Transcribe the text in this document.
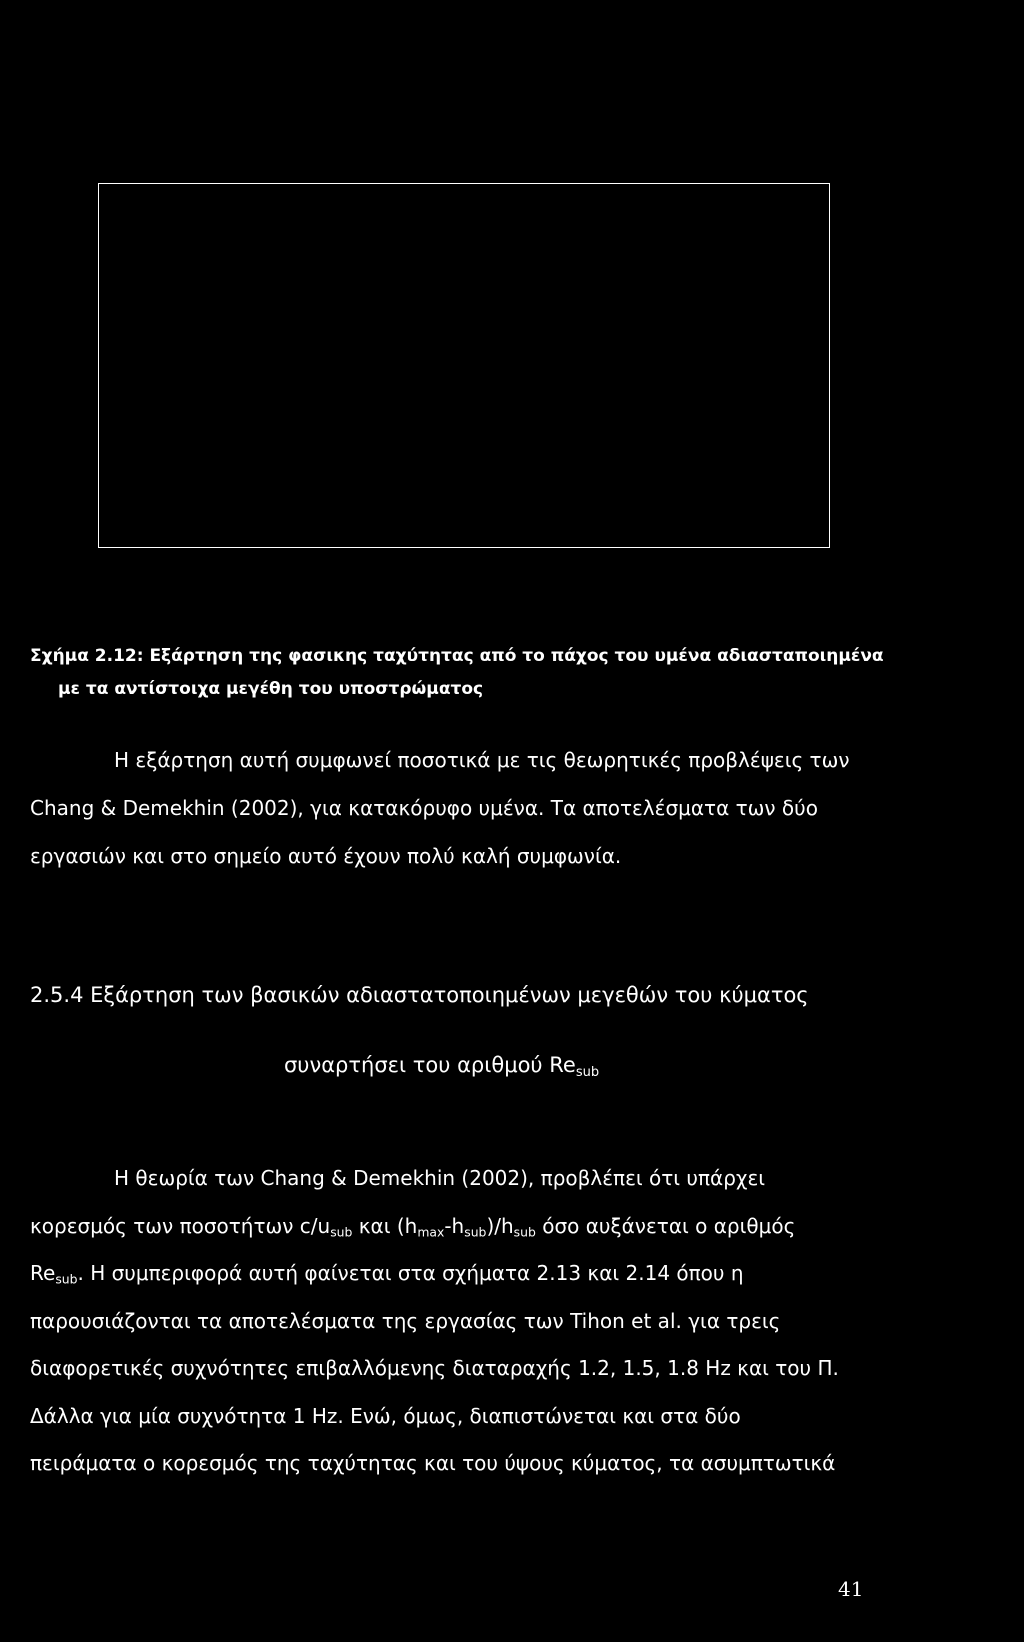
Σχήμα 2.12: Εξάρτηση της φασικης ταχύτητας από το πάχος του υμένα αδιασταποιημένα

με τα αντίστοιχα μεγέθη του υποστρώματος

Η εξάρτηση αυτή συμφωνεί ποσοτικά με τις θεωρητικές προβλέψεις των

Chang & Demekhin (2002), για κατακόρυφο υμένα. Τα αποτελέσματα των δύο

εργασιών και στο σημείο αυτό έχουν πολύ καλή συμφωνία.

2.5.4 Εξάρτηση των βασικών αδιαστατοποιημένων μεγεθών του κύματος

συναρτήσει του αριθμού $Re_{sub}$

Η θεωρία των Chang & Demekhin (2002), προβλέπει ότι υπάρχει

κορεσμός των ποσοτήτων $c/u_{sub}$ και $(h_{max}-h_{sub})/h_{sub}$ όσο αυξάνεται ο αριθμός

$Re_{sub}$. Η συμπεριφορά αυτή φαίνεται στα σχήματα 2.13 και 2.14 όπου η

παρουσιάζονται τα αποτελέσματα της εργασίας των Tihon et al. για τρεις

διαφορετικές συχνότητες επιβαλλόμενης διαταραχής 1.2, 1.5, 1.8 Hz και του Π.

Δάλλα για μία συχνότητα 1 Hz. Ενώ, όμως, διαπιστώνεται και στα δύο

πειράματα ο κορεσμός της ταχύτητας και του ύψους κύματος, τα ασυμπτωτικά

41
